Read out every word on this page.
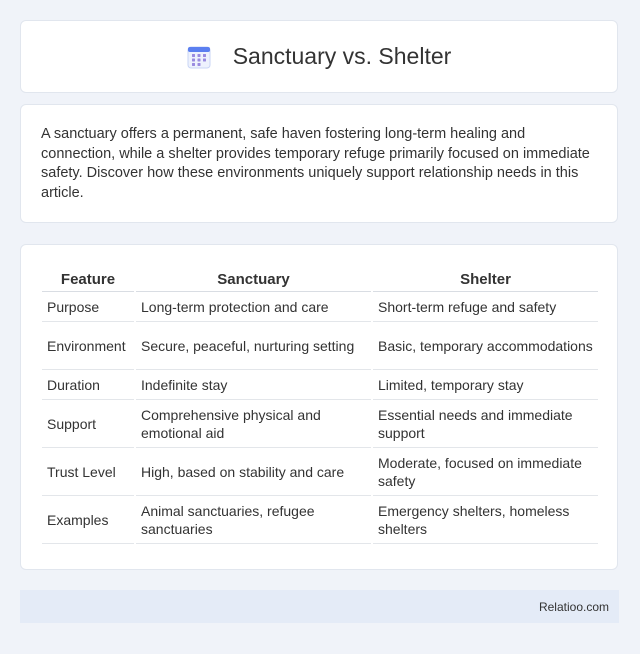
Sanctuary vs. Shelter

A sanctuary offers a permanent, safe haven fostering long-term healing and connection, while a shelter provides temporary refuge primarily focused on immediate safety. Discover how these environments uniquely support relationship needs in this article.

Feature	Sanctuary	Shelter
Purpose	Long-term protection and care	Short-term refuge and safety
Environment	Secure, peaceful, nurturing setting	Basic, temporary accommodations
Duration	Indefinite stay	Limited, temporary stay
Support	Comprehensive physical and emotional aid	Essential needs and immediate support
Trust Level	High, based on stability and care	Moderate, focused on immediate safety
Examples	Animal sanctuaries, refugee sanctuaries	Emergency shelters, homeless shelters
Relatioo.com
